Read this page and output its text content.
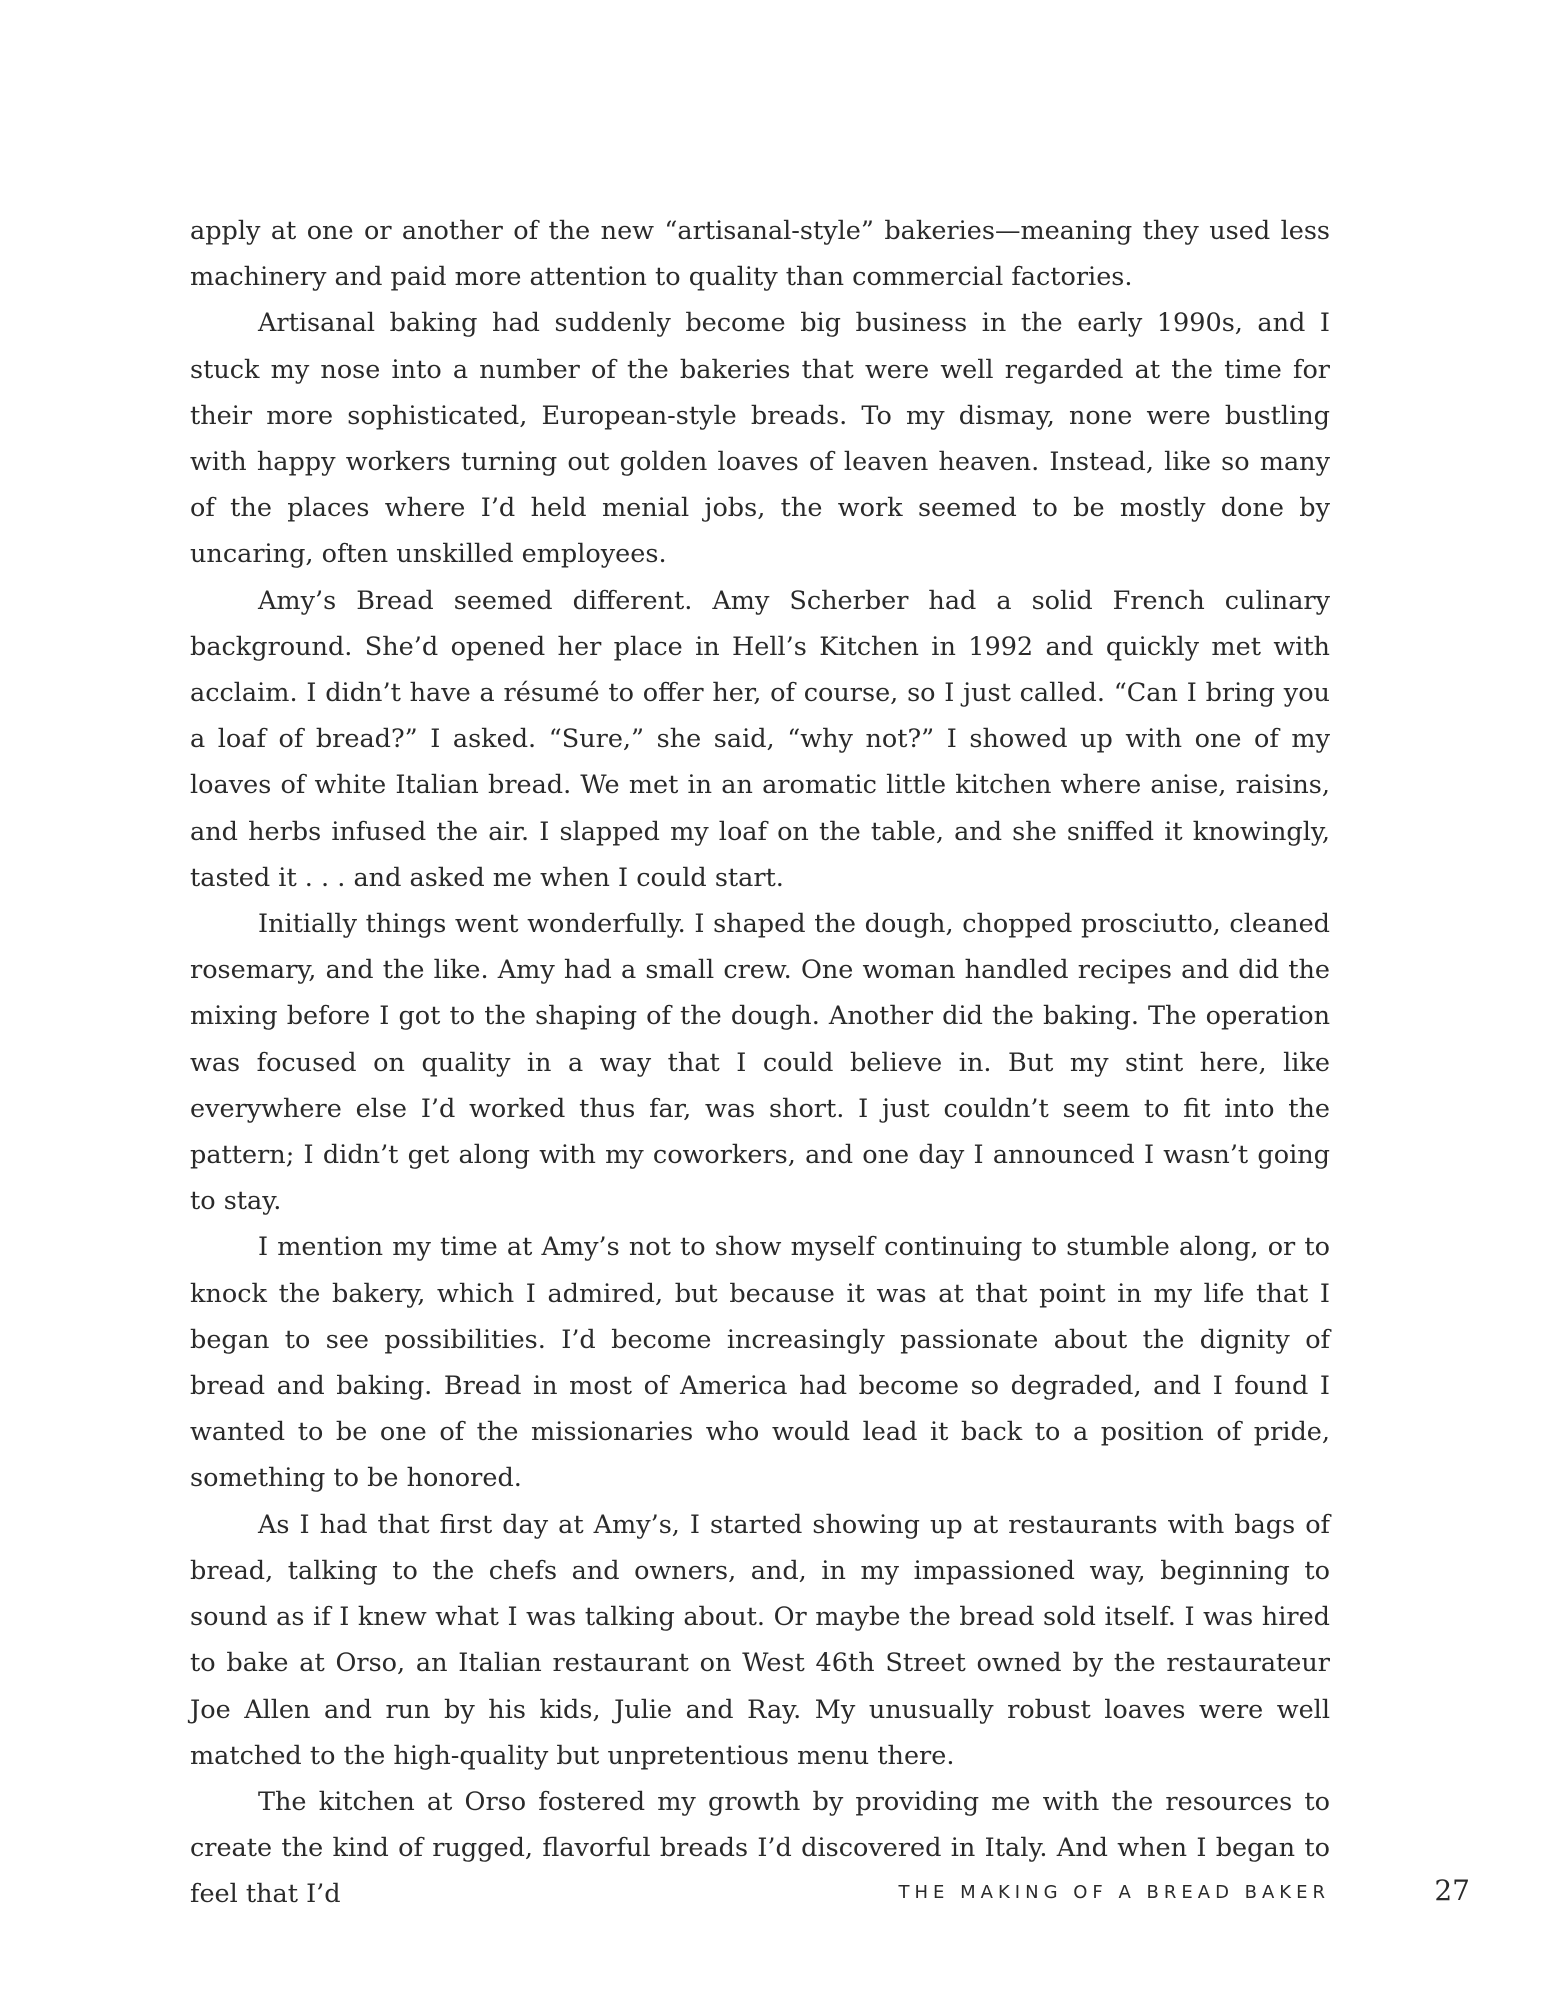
apply at one or another of the new “artisanal-style” bakeries—meaning they used less machinery and paid more attention to quality than commercial factories.

Artisanal baking had suddenly become big business in the early 1990s, and I stuck my nose into a number of the bakeries that were well regarded at the time for their more sophisticated, European-style breads. To my dismay, none were bustling with happy workers turning out golden loaves of leaven heaven. Instead, like so many of the places where I’d held menial jobs, the work seemed to be mostly done by uncaring, often unskilled employees.

Amy’s Bread seemed different. Amy Scherber had a solid French culinary background. She’d opened her place in Hell’s Kitchen in 1992 and quickly met with acclaim. I didn’t have a résumé to offer her, of course, so I just called. “Can I bring you a loaf of bread?” I asked. “Sure,” she said, “why not?” I showed up with one of my loaves of white Italian bread. We met in an aromatic little kitchen where anise, raisins, and herbs infused the air. I slapped my loaf on the table, and she sniffed it knowingly, tasted it . . . and asked me when I could start.

Initially things went wonderfully. I shaped the dough, chopped prosciutto, cleaned rosemary, and the like. Amy had a small crew. One woman handled recipes and did the mixing before I got to the shaping of the dough. Another did the baking. The operation was focused on quality in a way that I could believe in. But my stint here, like everywhere else I’d worked thus far, was short. I just couldn’t seem to fit into the pattern; I didn’t get along with my coworkers, and one day I announced I wasn’t going to stay.

I mention my time at Amy’s not to show myself continuing to stumble along, or to knock the bakery, which I admired, but because it was at that point in my life that I began to see possibilities. I’d become increasingly passionate about the dignity of bread and baking. Bread in most of America had become so degraded, and I found I wanted to be one of the missionaries who would lead it back to a position of pride, something to be honored.

As I had that first day at Amy’s, I started showing up at restaurants with bags of bread, talking to the chefs and owners, and, in my impassioned way, beginning to sound as if I knew what I was talking about. Or maybe the bread sold itself. I was hired to bake at Orso, an Italian restaurant on West 46th Street owned by the restaurateur Joe Allen and run by his kids, Julie and Ray. My unusually robust loaves were well matched to the high-quality but unpretentious menu there.

The kitchen at Orso fostered my growth by providing me with the resources to create the kind of rugged, flavorful breads I’d discovered in Italy. And when I began to feel that I’d	THE MAKING OF A BREAD BAKER	27
